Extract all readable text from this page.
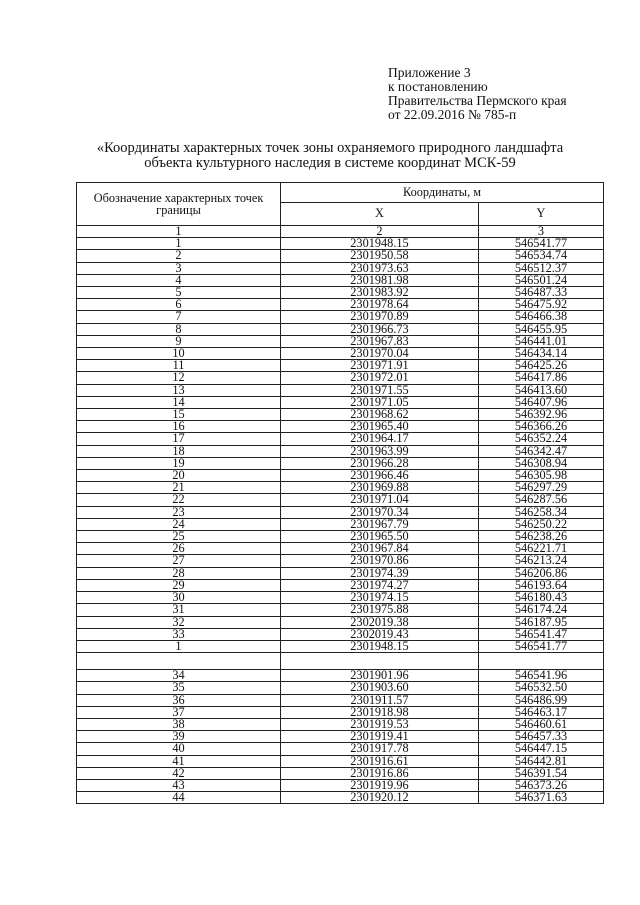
Приложение 3
к постановлению
Правительства Пермского края
от 22.09.2016 № 785-п
«Координаты характерных точек зоны охраняемого природного ландшафта
объекта культурного наследия в системе координат МСК-59
Обозначение характерных точек границы	Координаты, м	
	X	Y
1	2	3
1	2301948.15	546541.77
2	2301950.58	546534.74
3	2301973.63	546512.37
4	2301981.98	546501.24
5	2301983.92	546487.33
6	2301978.64	546475.92
7	2301970.89	546466.38
8	2301966.73	546455.95
9	2301967.83	546441.01
10	2301970.04	546434.14
11	2301971.91	546425.26
12	2301972.01	546417.86
13	2301971.55	546413.60
14	2301971.05	546407.96
15	2301968.62	546392.96
16	2301965.40	546366.26
17	2301964.17	546352.24
18	2301963.99	546342.47
19	2301966.28	546308.94
20	2301966.46	546305.98
21	2301969.88	546297.29
22	2301971.04	546287.56
23	2301970.34	546258.34
24	2301967.79	546250.22
25	2301965.50	546238.26
26	2301967.84	546221.71
27	2301970.86	546213.24
28	2301974.39	546206.86
29	2301974.27	546193.64
30	2301974.15	546180.43
31	2301975.88	546174.24
32	2302019.38	546187.95
33	2302019.43	546541.47
1	2301948.15	546541.77

34	2301901.96	546541.96
35	2301903.60	546532.50
36	2301911.57	546486.99
37	2301918.98	546463.17
38	2301919.53	546460.61
39	2301919.41	546457.33
40	2301917.78	546447.15
41	2301916.61	546442.81
42	2301916.86	546391.54
43	2301919.96	546373.26
44	2301920.12	546371.63
